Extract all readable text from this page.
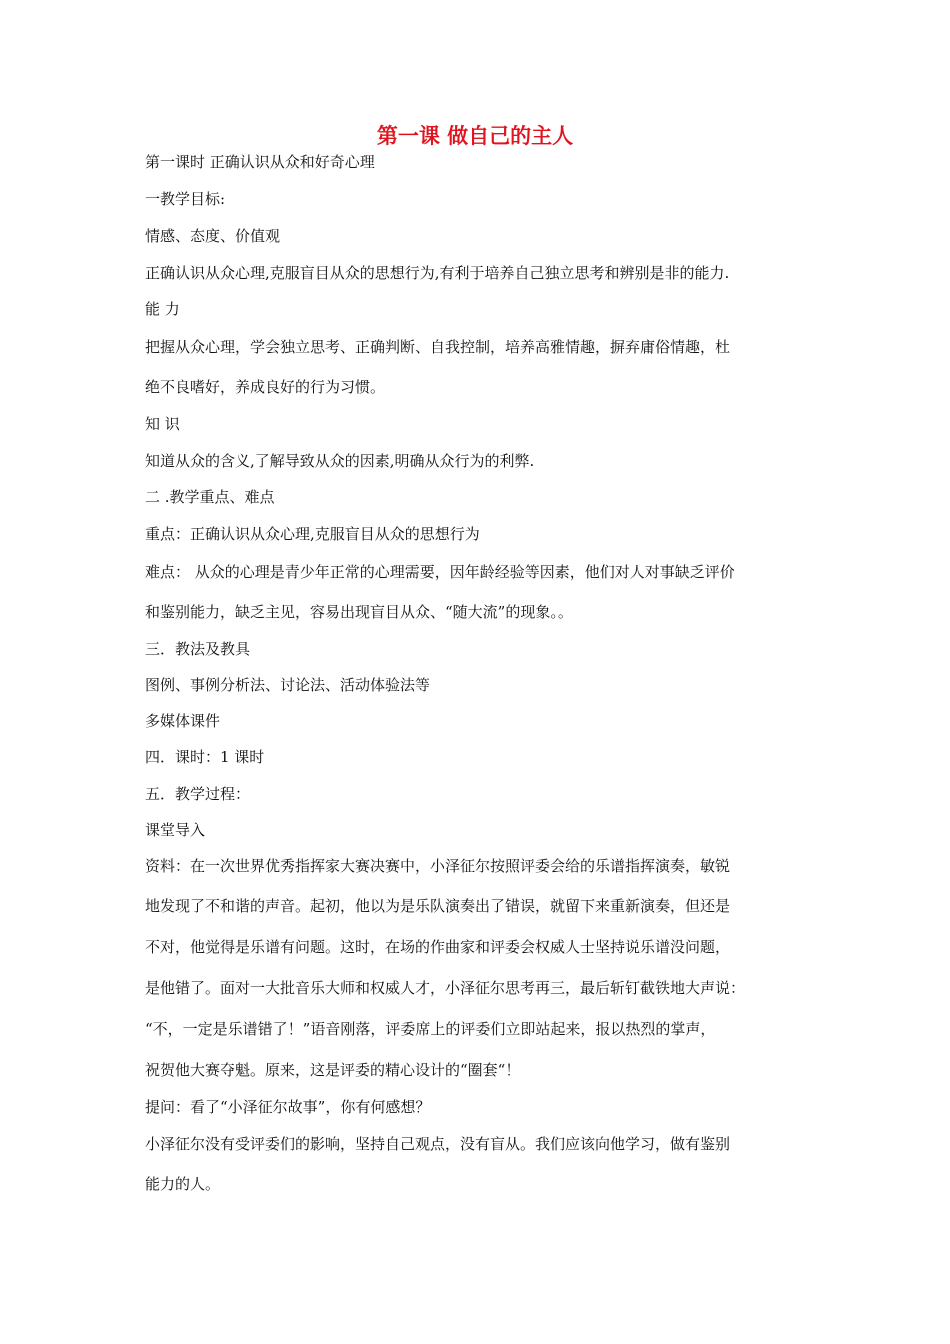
第一课 做自己的主人
第一课时 正确认识从众和好奇心理
一教学目标:
情感、态度、价值观
正确认识从众心理,克服盲目从众的思想行为,有利于培养自己独立思考和辨别是非的能力.
能 力
把握从众心理，学会独立思考、正确判断、自我控制，培养高雅情趣，摒弃庸俗情趣，杜
绝不良嗜好，养成良好的行为习惯。
知 识
知道从众的含义,了解导致从众的因素,明确从众行为的利弊.
二 .教学重点、难点
重点：正确认识从众心理,克服盲目从众的思想行为
难点： 从众的心理是青少年正常的心理需要，因年龄经验等因素，他们对人对事缺乏评价
和鉴别能力，缺乏主见，容易出现盲目从众、“随大流”的现象。。
三．教法及教具
图例、事例分析法、讨论法、活动体验法等
多媒体课件
四．课时：1 课时
五．教学过程：
课堂导入
资料：在一次世界优秀指挥家大赛决赛中，小泽征尔按照评委会给的乐谱指挥演奏，敏锐
地发现了不和谐的声音。起初，他以为是乐队演奏出了错误，就留下来重新演奏，但还是
不对，他觉得是乐谱有问题。这时，在场的作曲家和评委会权威人士坚持说乐谱没问题，
是他错了。面对一大批音乐大师和权威人才，小泽征尔思考再三，最后斩钉截铁地大声说：
“不，一定是乐谱错了！”语音刚落，评委席上的评委们立即站起来，报以热烈的掌声，
祝贺他大赛夺魁。原来，这是评委的精心设计的“圈套“！
提问：看了“小泽征尔故事”，你有何感想？
小泽征尔没有受评委们的影响，坚持自己观点，没有盲从。我们应该向他学习，做有鉴别
能力的人。
